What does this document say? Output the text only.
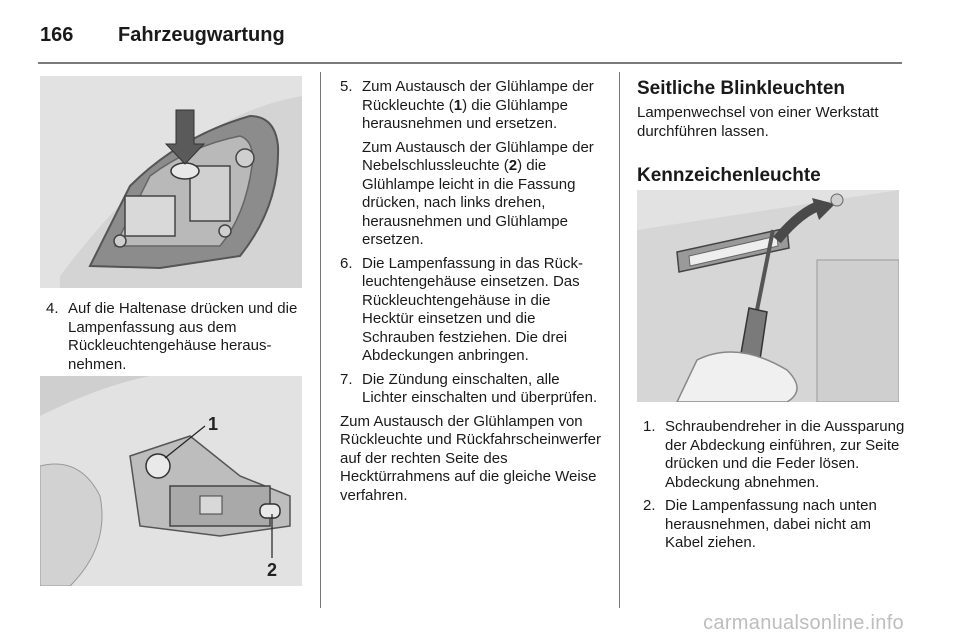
166	Fahrzeugwartung
4. Auf die Haltenase drücken und die Lampenfassung aus dem Rückleuchtengehäuse herausnehmen.
1
2
5. Zum Austausch der Glühlampe der Rückleuchte (1) die Glühlampe herausnehmen und ersetzen.

Zum Austausch der Glühlampe der Nebelschlussleuchte (2) die Glühlampe leicht in die Fassung drücken, nach links drehen, herausnehmen und Glühlampe ersetzen.

6. Die Lampenfassung in das Rückleuchtengehäuse einsetzen. Das Rückleuchtengehäuse in die Hecktür einsetzen und die Schrauben festziehen. Die drei Abdeckungen anbringen.
7. Die Zündung einschalten, alle Lichter einschalten und überprüfen.

Zum Austausch der Glühlampen von Rückleuchte und Rückfahrscheinwerfer auf der rechten Seite des Hecktürrahmens auf die gleiche Weise verfahren.

Seitliche Blinkleuchten

Lampenwechsel von einer Werkstatt durchführen lassen.

Kennzeichenleuchte

1. Schraubendreher in die Aussparung der Abdeckung einführen, zur Seite drücken und die Feder lösen. Abdeckung abnehmen.
2. Die Lampenfassung nach unten herausnehmen, dabei nicht am Kabel ziehen.
carmanualsonline.info
